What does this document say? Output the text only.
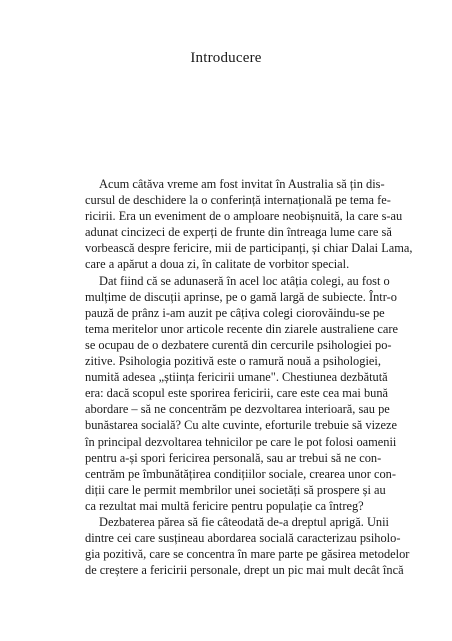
Introducere
Acum câtăva vreme am fost invitat în Australia să țin dis-
cursul de deschidere la o conferință internațională pe tema fe-
ricirii. Era un eveniment de o amploare neobișnuită, la care s-au
adunat cincizeci de experți de frunte din întreaga lume care să
vorbească despre fericire, mii de participanți, și chiar Dalai Lama,
care a apărut a doua zi, în calitate de vorbitor special.
Dat fiind că se adunaseră în acel loc atâția colegi, au fost o
mulțime de discuții aprinse, pe o gamă largă de subiecte. Într-o
pauză de prânz i-am auzit pe câțiva colegi ciorovăindu-se pe
tema meritelor unor articole recente din ziarele australiene care
se ocupau de o dezbatere curentă din cercurile psihologiei po-
zitive. Psihologia pozitivă este o ramură nouă a psihologiei,
numită adesea „știința fericirii umane". Chestiunea dezbătută
era: dacă scopul este sporirea fericirii, care este cea mai bună
abordare – să ne concentrăm pe dezvoltarea interioară, sau pe
bunăstarea socială? Cu alte cuvinte, eforturile trebuie să vizeze
în principal dezvoltarea tehnicilor pe care le pot folosi oamenii
pentru a-și spori fericirea personală, sau ar trebui să ne con-
centrăm pe îmbunătățirea condițiilor sociale, crearea unor con-
diții care le permit membrilor unei societăți să prospere și au
ca rezultat mai multă fericire pentru populație ca întreg?
Dezbaterea părea să fie câteodată de-a dreptul aprigă. Unii
dintre cei care susțineau abordarea socială caracterizau psiholo-
gia pozitivă, care se concentra în mare parte pe găsirea metodelor
de creștere a fericirii personale, drept un pic mai mult decât încă
